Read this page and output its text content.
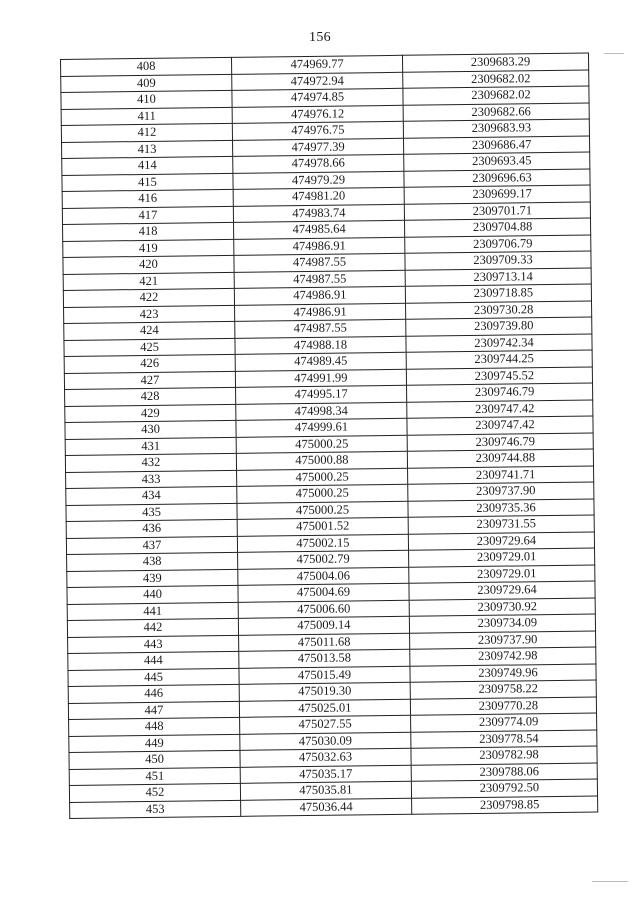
156
408	474969.77	2309683.29
409	474972.94	2309682.02
410	474974.85	2309682.02
411	474976.12	2309682.66
412	474976.75	2309683.93
413	474977.39	2309686.47
414	474978.66	2309693.45
415	474979.29	2309696.63
416	474981.20	2309699.17
417	474983.74	2309701.71
418	474985.64	2309704.88
419	474986.91	2309706.79
420	474987.55	2309709.33
421	474987.55	2309713.14
422	474986.91	2309718.85
423	474986.91	2309730.28
424	474987.55	2309739.80
425	474988.18	2309742.34
426	474989.45	2309744.25
427	474991.99	2309745.52
428	474995.17	2309746.79
429	474998.34	2309747.42
430	474999.61	2309747.42
431	475000.25	2309746.79
432	475000.88	2309744.88
433	475000.25	2309741.71
434	475000.25	2309737.90
435	475000.25	2309735.36
436	475001.52	2309731.55
437	475002.15	2309729.64
438	475002.79	2309729.01
439	475004.06	2309729.01
440	475004.69	2309729.64
441	475006.60	2309730.92
442	475009.14	2309734.09
443	475011.68	2309737.90
444	475013.58	2309742.98
445	475015.49	2309749.96
446	475019.30	2309758.22
447	475025.01	2309770.28
448	475027.55	2309774.09
449	475030.09	2309778.54
450	475032.63	2309782.98
451	475035.17	2309788.06
452	475035.81	2309792.50
453	475036.44	2309798.85
